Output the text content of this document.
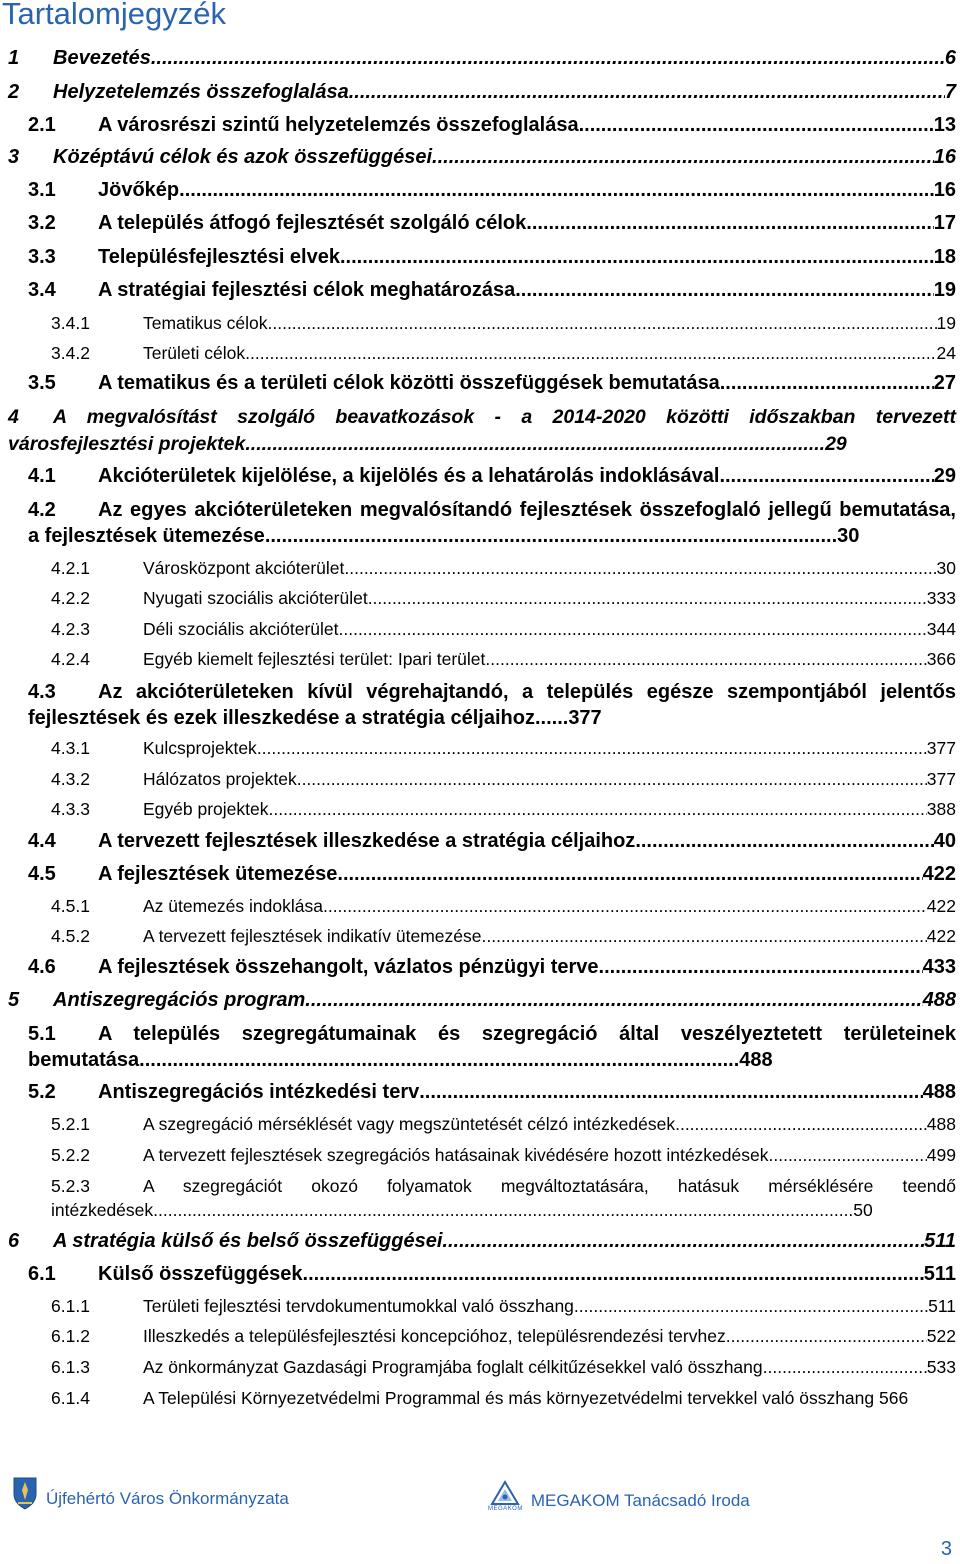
Tartalomjegyzék
1	Bevezetés .....	6
2	Helyzetelemzés összefoglalása .....	7
2.1	A városrészi szintű helyzetelemzés összefoglalása .....	13
3	Középtávú célok és azok összefüggései .....	16
3.1	Jövőkép .....	16
3.2	A település átfogó fejlesztését szolgáló célok .....	17
3.3	Településfejlesztési elvek .....	18
3.4	A stratégiai fejlesztési célok meghatározása .....	19
3.4.1	Tematikus célok .....	19
3.4.2	Területi célok .....	24
3.5	A tematikus és a területi célok közötti összefüggések bemutatása .....	27
4 A megvalósítást szolgáló beavatkozások - a 2014-2020 közötti időszakban tervezett városfejlesztési projektek...........................................................................................................29
4.1	Akcióterületek kijelölése, a kijelölés és a lehatárolás indoklásával .....	29
4.2 Az egyes akcióterületeken megvalósítandó fejlesztések összefoglaló jellegű bemutatása, a fejlesztések ütemezése.......................................................................................................30
4.2.1	Városközpont akcióterület .....	30
4.2.2	Nyugati szociális akcióterület .....	333
4.2.3	Déli szociális akcióterület .....	344
4.2.4	Egyéb kiemelt fejlesztési terület: Ipari terület .....	366
4.3 Az akcióterületeken kívül végrehajtandó, a település egésze szempontjából jelentős fejlesztések és ezek illeszkedése a stratégia céljaihoz......377
4.3.1	Kulcsprojektek .....	377
4.3.2	Hálózatos projektek .....	377
4.3.3	Egyéb projektek .....	388
4.4	A tervezett fejlesztések illeszkedése a stratégia céljaihoz .....	40
4.5	A fejlesztések ütemezése .....	422
4.5.1	Az ütemezés indoklása .....	422
4.5.2	A tervezett fejlesztések indikatív ütemezése .....	422
4.6	A fejlesztések összehangolt, vázlatos pénzügyi terve .....	433
5	Antiszegregációs program .....	488
5.1 A település szegregátumainak és szegregáció által veszélyeztetett területeinek bemutatása............................................................................................................488
5.2	Antiszegregációs intézkedési terv .....	488
5.2.1	A szegregáció mérséklését vagy megszüntetését célzó intézkedések .....	488
5.2.2	A tervezett fejlesztések szegregációs hatásainak kivédésére hozott intézkedések .....	499
5.2.3	A szegregációt okozó folyamatok megváltoztatására, hatásuk mérséklésére teendő intézkedések................................................................................................................................................50
6	A stratégia külső és belső összefüggései .....	511
6.1	Külső összefüggések .....	511
6.1.1	Területi fejlesztési tervdokumentumokkal való összhang .....	511
6.1.2	Illeszkedés a településfejlesztési koncepcióhoz, településrendezési tervhez .....	522
6.1.3	Az önkormányzat Gazdasági Programjába foglalt célkitűzésekkel való összhang .....	533
6.1.4	A Települési Környezetvédelmi Programmal és más környezetvédelmi tervekkel való összhang 566
Újfehértó Város Önkormányzata
MEGAKOM MEGAKOM Tanácsadó Iroda
3
